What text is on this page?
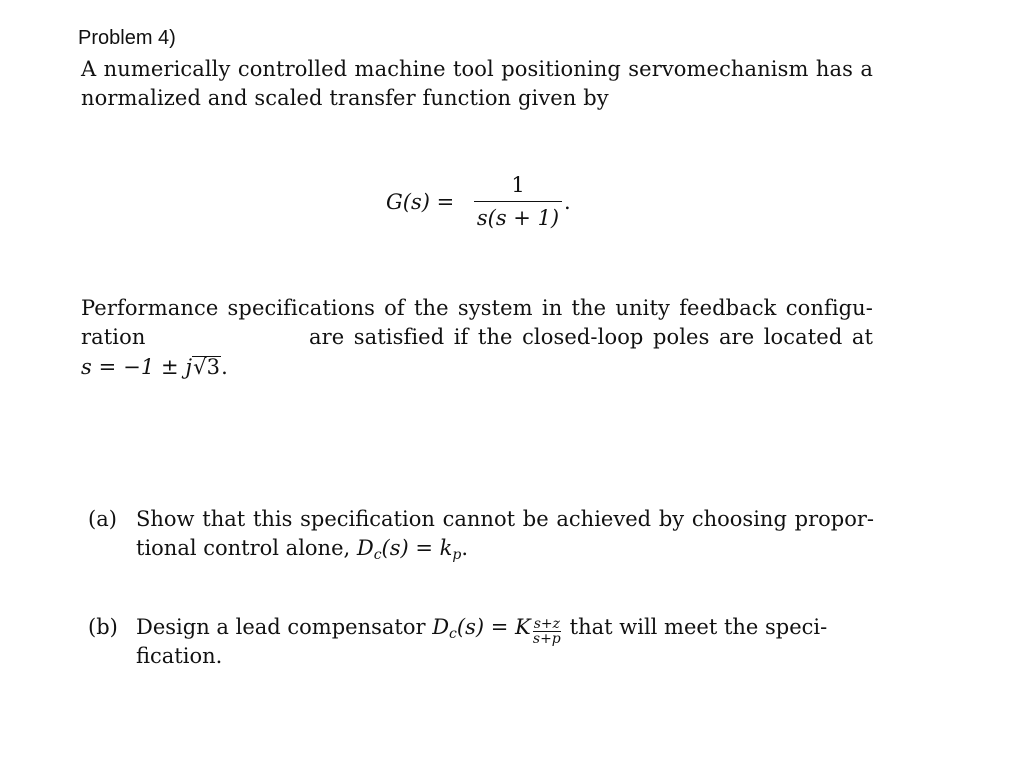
Problem 4)
A numerically controlled machine tool positioning servomechanism has a
normalized and scaled transfer function given by
G(s) =
1
s(s + 1)
.
Performance specifications of the system in the unity feedback configu-
ration	are satisfied if the closed-loop poles are located at
s = −1 ± j√3.
(a) Show that this specification cannot be achieved by choosing propor-
tional control alone, $D_c(s) = k_p$.
(b) Design a lead compensator $D_c(s) = K \frac{s+z}{s+p}$ that will meet the speci-
fication.
